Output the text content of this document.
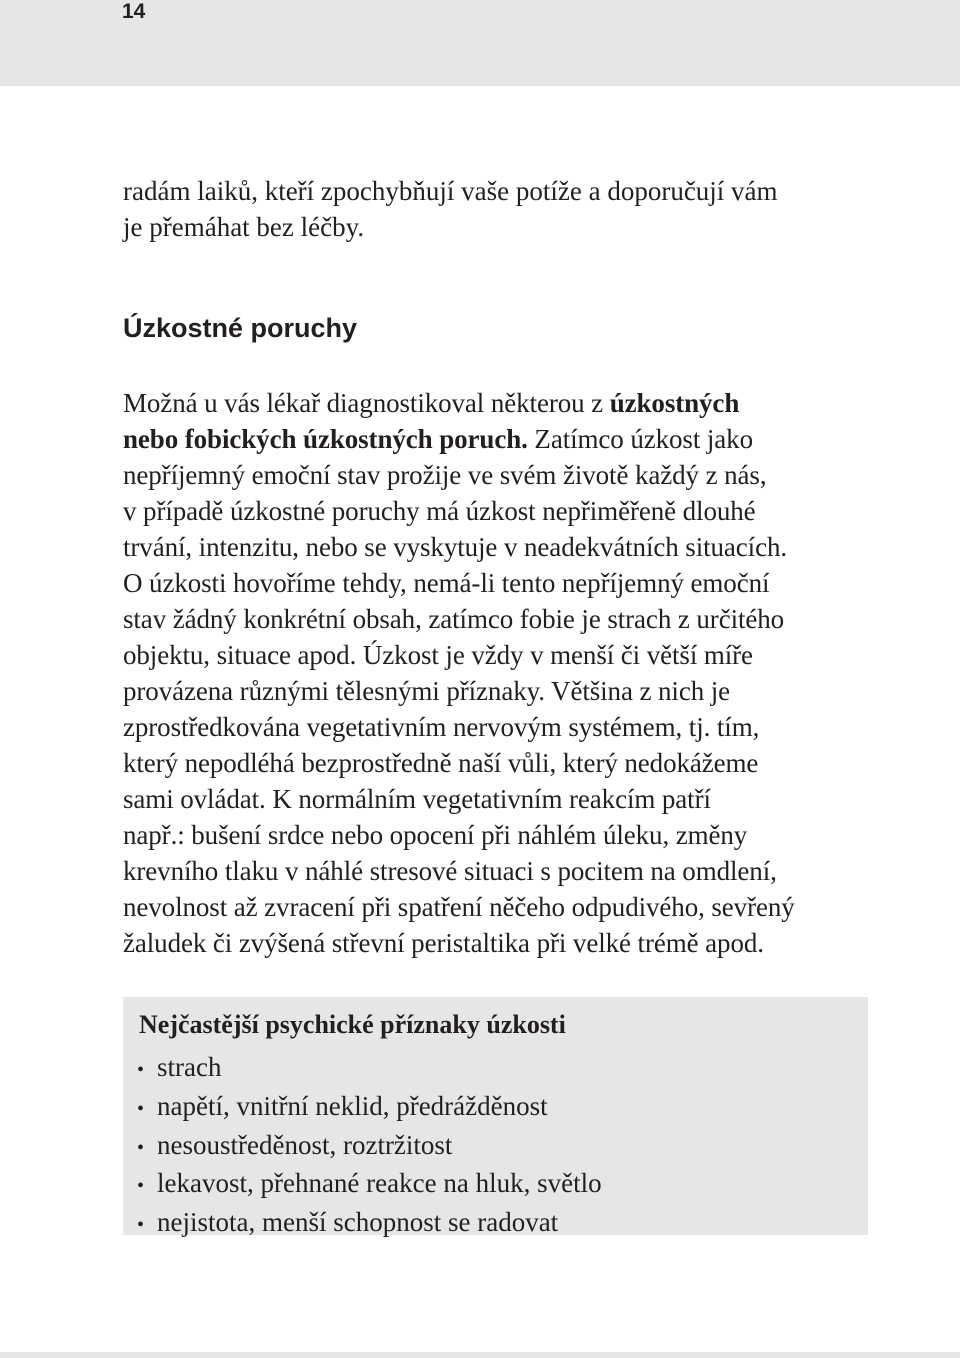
14

radám laiků, kteří zpochybňují vaše potíže a doporučují vám
je přemáhat bez léčby.

Úzkostné poruchy

Možná u vás lékař diagnostikoval některou z úzkostných
nebo fobických úzkostných poruch. Zatímco úzkost jako
nepříjemný emoční stav prožije ve svém životě každý z nás,
v případě úzkostné poruchy má úzkost nepřiměřeně dlouhé
trvání, intenzitu, nebo se vyskytuje v neadekvátních situacích.
O úzkosti hovoříme tehdy, nemá-li tento nepříjemný emoční
stav žádný konkrétní obsah, zatímco fobie je strach z určitého
objektu, situace apod. Úzkost je vždy v menší či větší míře
provázena různými tělesnými příznaky. Většina z nich je
zprostředkována vegetativním nervovým systémem, tj. tím,
který nepodléhá bezprostředně naší vůli, který nedokážeme
sami ovládat. K normálním vegetativním reakcím patří
např.: bušení srdce nebo opocení při náhlém úleku, změny
krevního tlaku v náhlé stresové situaci s pocitem na omdlení,
nevolnost až zvracení při spatření něčeho odpudivého, sevřený
žaludek či zvýšená střevní peristaltika při velké trémě apod.

Nejčastější psychické příznaky úzkosti
• strach
• napětí, vnitřní neklid, předrážděnost
• nesoustředěnost, roztržitost
• lekavost, přehnané reakce na hluk, světlo
• nejistota, menší schopnost se radovat
